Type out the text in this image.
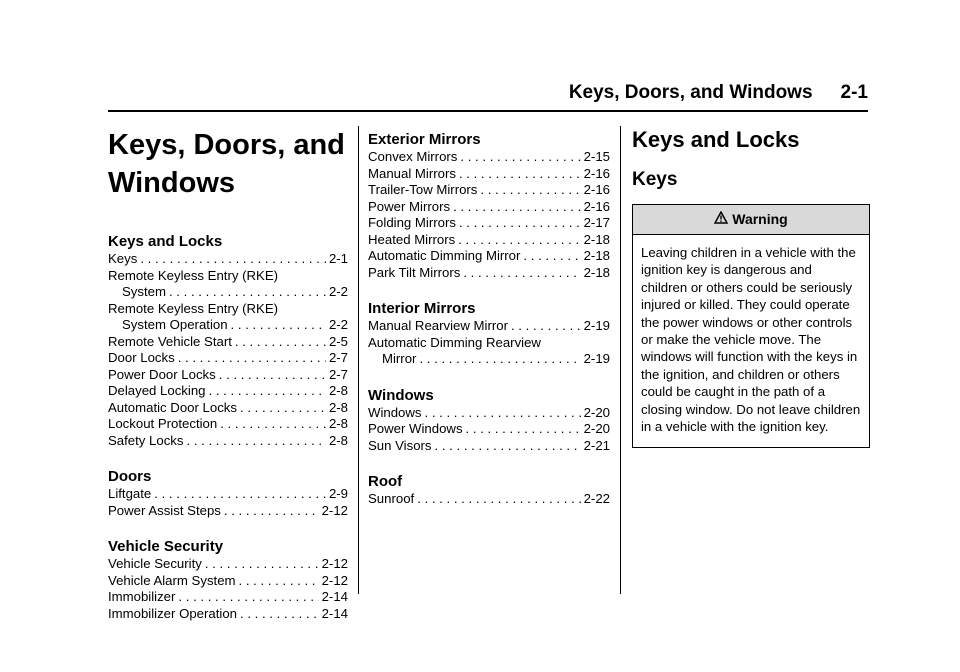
Keys, Doors, and Windows 2-1
Keys, Doors, and
Windows
Keys and Locks
Keys . . .	2-1
Remote Keyless Entry (RKE)
System . . .	2-2
Remote Keyless Entry (RKE)
System Operation . . .	2-2
Remote Vehicle Start . . .	2-5
Door Locks . . .	2-7
Power Door Locks . . .	2-7
Delayed Locking . . .	2-8
Automatic Door Locks . . .	2-8
Lockout Protection . . .	2-8
Safety Locks . . .	2-8
Doors
Liftgate . . .	2-9
Power Assist Steps . . .	2-12
Vehicle Security
Vehicle Security . . .	2-12
Vehicle Alarm System . . .	2-12
Immobilizer . . .	2-14
Immobilizer Operation . . .	2-14
Exterior Mirrors
Convex Mirrors . . .	2-15
Manual Mirrors . . .	2-16
Trailer-Tow Mirrors . . .	2-16
Power Mirrors . . .	2-16
Folding Mirrors . . .	2-17
Heated Mirrors . . .	2-18
Automatic Dimming Mirror . . .	2-18
Park Tilt Mirrors . . .	2-18
Interior Mirrors
Manual Rearview Mirror . . .	2-19
Automatic Dimming Rearview
Mirror . . .	2-19
Windows
Windows . . .	2-20
Power Windows . . .	2-20
Sun Visors . . .	2-21
Roof
Sunroof . . .	2-22
Keys and Locks
Keys
Warning
Leaving children in a vehicle with the ignition key is dangerous and children or others could be seriously injured or killed. They could operate the power windows or other controls or make the vehicle move. The windows will function with the keys in the ignition, and children or others could be caught in the path of a closing window. Do not leave children in a vehicle with the ignition key.
